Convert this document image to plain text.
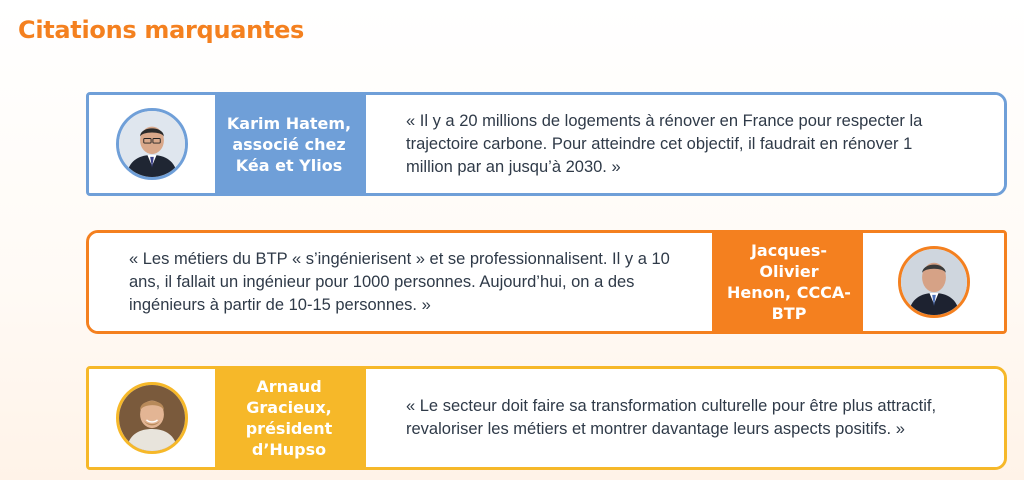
Citations marquantes
Karim Hatem, associé chez Kéa et Ylios
« Il y a 20 millions de logements à rénover en France pour respecter la trajectoire carbone. Pour atteindre cet objectif, il faudrait en rénover 1 million par an jusqu’à 2030. »
« Les métiers du BTP « s’ingénierisent » et se professionnalisent. Il y a 10 ans, il fallait un ingénieur pour 1000 personnes. Aujourd’hui, on a des ingénieurs à partir de 10-15 personnes. »
Jacques-Olivier Henon, CCCA-BTP
Arnaud Gracieux, président d’Hupso
« Le secteur doit faire sa transformation culturelle pour être plus attractif, revaloriser les métiers et montrer davantage leurs aspects positifs. »
